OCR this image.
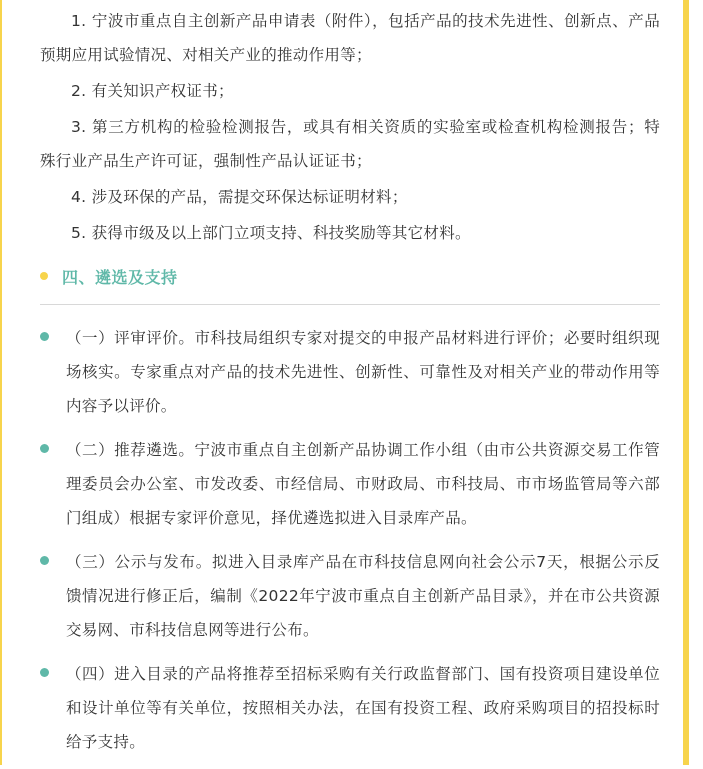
1. 宁波市重点自主创新产品申请表（附件），包括产品的技术先进性、创新点、产品预期应用试验情况、对相关产业的推动作用等；

2. 有关知识产权证书；

3. 第三方机构的检验检测报告，或具有相关资质的实验室或检查机构检测报告；特殊行业产品生产许可证，强制性产品认证证书；

4. 涉及环保的产品，需提交环保达标证明材料；

5. 获得市级及以上部门立项支持、科技奖励等其它材料。

四、遴选及支持
（一）评审评价。市科技局组织专家对提交的申报产品材料进行评价；必要时组织现场核实。专家重点对产品的技术先进性、创新性、可靠性及对相关产业的带动作用等内容予以评价。
（二）推荐遴选。宁波市重点自主创新产品协调工作小组（由市公共资源交易工作管理委员会办公室、市发改委、市经信局、市财政局、市科技局、市市场监管局等六部门组成）根据专家评价意见，择优遴选拟进入目录库产品。
（三）公示与发布。拟进入目录库产品在市科技信息网向社会公示7天，根据公示反馈情况进行修正后，编制《2022年宁波市重点自主创新产品目录》，并在市公共资源交易网、市科技信息网等进行公布。
（四）进入目录的产品将推荐至招标采购有关行政监督部门、国有投资项目建设单位和设计单位等有关单位，按照相关办法，在国有投资工程、政府采购项目的招投标时给予支持。
